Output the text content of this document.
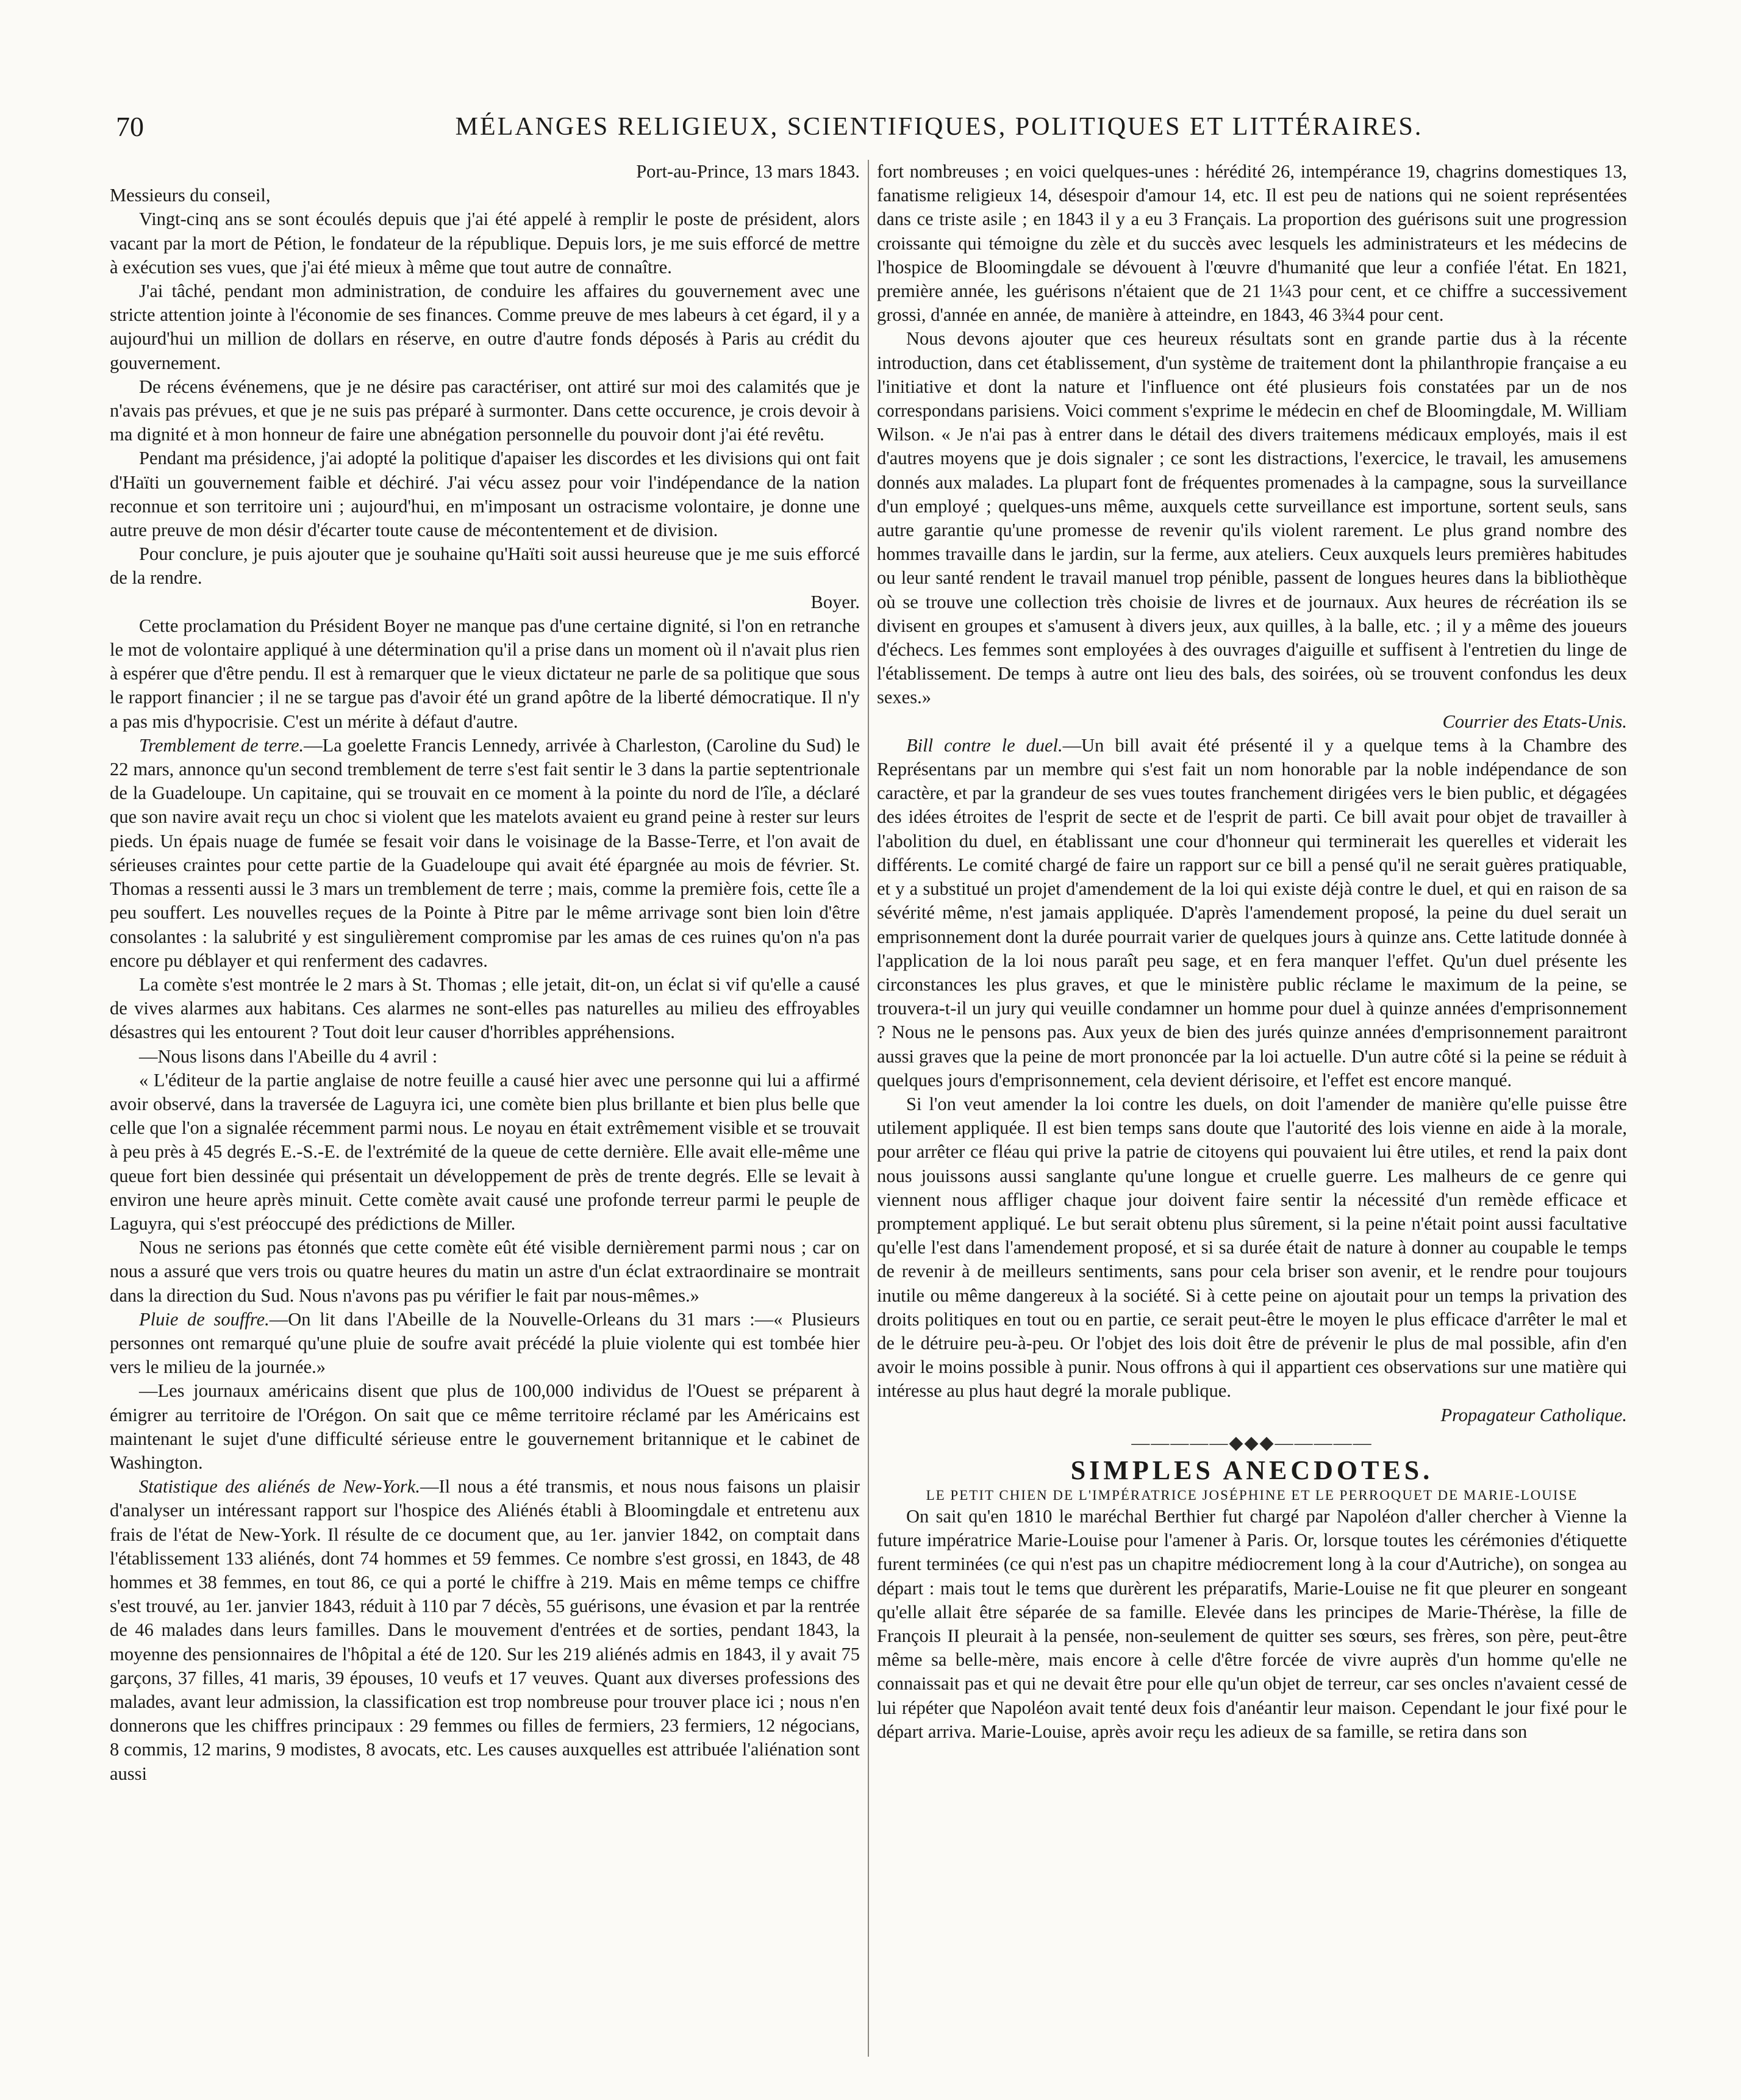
70	MÉLANGES RELIGIEUX, SCIENTIFIQUES, POLITIQUES ET LITTÉRAIRES.

Port-au-Prince, 13 mars 1843.

Messieurs du conseil,

Vingt-cinq ans se sont écoulés depuis que j'ai été appelé à remplir le poste de président, alors vacant par la mort de Pétion, le fondateur de la république. Depuis lors, je me suis efforcé de mettre à exécution ses vues, que j'ai été mieux à même que tout autre de connaître.

J'ai tâché, pendant mon administration, de conduire les affaires du gouvernement avec une stricte attention jointe à l'économie de ses finances. Comme preuve de mes labeurs à cet égard, il y a aujourd'hui un million de dollars en réserve, en outre d'autre fonds déposés à Paris au crédit du gouvernement.

De récens événemens, que je ne désire pas caractériser, ont attiré sur moi des calamités que je n'avais pas prévues, et que je ne suis pas préparé à surmonter. Dans cette occurence, je crois devoir à ma dignité et à mon honneur de faire une abnégation personnelle du pouvoir dont j'ai été revêtu.

Pendant ma présidence, j'ai adopté la politique d'apaiser les discordes et les divisions qui ont fait d'Haïti un gouvernement faible et déchiré. J'ai vécu assez pour voir l'indépendance de la nation reconnue et son territoire uni ; aujourd'hui, en m'imposant un ostracisme volontaire, je donne une autre preuve de mon désir d'écarter toute cause de mécontentement et de division.

Pour conclure, je puis ajouter que je souhaine qu'Haïti soit aussi heureuse que je me suis efforcé de la rendre.

Boyer.

Cette proclamation du Président Boyer ne manque pas d'une certaine dignité, si l'on en retranche le mot de volontaire appliqué à une détermination qu'il a prise dans un moment où il n'avait plus rien à espérer que d'être pendu. Il est à remarquer que le vieux dictateur ne parle de sa politique que sous le rapport financier ; il ne se targue pas d'avoir été un grand apôtre de la liberté démocratique. Il n'y a pas mis d'hypocrisie. C'est un mérite à défaut d'autre.

Tremblement de terre.—La goelette Francis Lennedy, arrivée à Charleston, (Caroline du Sud) le 22 mars, annonce qu'un second tremblement de terre s'est fait sentir le 3 dans la partie septentrionale de la Guadeloupe. Un capitaine, qui se trouvait en ce moment à la pointe du nord de l'île, a déclaré que son navire avait reçu un choc si violent que les matelots avaient eu grand peine à rester sur leurs pieds. Un épais nuage de fumée se fesait voir dans le voisinage de la Basse-Terre, et l'on avait de sérieuses craintes pour cette partie de la Guadeloupe qui avait été épargnée au mois de février. St. Thomas a ressenti aussi le 3 mars un tremblement de terre ; mais, comme la première fois, cette île a peu souffert. Les nouvelles reçues de la Pointe à Pitre par le même arrivage sont bien loin d'être consolantes : la salubrité y est singulièrement compromise par les amas de ces ruines qu'on n'a pas encore pu déblayer et qui renferment des cadavres.

La comète s'est montrée le 2 mars à St. Thomas ; elle jetait, dit-on, un éclat si vif qu'elle a causé de vives alarmes aux habitans. Ces alarmes ne sont-elles pas naturelles au milieu des effroyables désastres qui les entourent ? Tout doit leur causer d'horribles appréhensions.

—Nous lisons dans l'Abeille du 4 avril :

« L'éditeur de la partie anglaise de notre feuille a causé hier avec une personne qui lui a affirmé avoir observé, dans la traversée de Laguyra ici, une comète bien plus brillante et bien plus belle que celle que l'on a signalée récemment parmi nous. Le noyau en était extrêmement visible et se trouvait à peu près à 45 degrés E.-S.-E. de l'extrémité de la queue de cette dernière. Elle avait elle-même une queue fort bien dessinée qui présentait un développement de près de trente degrés. Elle se levait à environ une heure après minuit. Cette comète avait causé une profonde terreur parmi le peuple de Laguyra, qui s'est préoccupé des prédictions de Miller.

Nous ne serions pas étonnés que cette comète eût été visible dernièrement parmi nous ; car on nous a assuré que vers trois ou quatre heures du matin un astre d'un éclat extraordinaire se montrait dans la direction du Sud. Nous n'avons pas pu vérifier le fait par nous-mêmes.»

Pluie de souffre.—On lit dans l'Abeille de la Nouvelle-Orleans du 31 mars :—« Plusieurs personnes ont remarqué qu'une pluie de soufre avait précédé la pluie violente qui est tombée hier vers le milieu de la journée.»

—Les journaux américains disent que plus de 100,000 individus de l'Ouest se préparent à émigrer au territoire de l'Orégon. On sait que ce même territoire réclamé par les Américains est maintenant le sujet d'une difficulté sérieuse entre le gouvernement britannique et le cabinet de Washington.

Statistique des aliénés de New-York.—Il nous a été transmis, et nous nous faisons un plaisir d'analyser un intéressant rapport sur l'hospice des Aliénés établi à Bloomingdale et entretenu aux frais de l'état de New-York. Il résulte de ce document que, au 1er. janvier 1842, on comptait dans l'établissement 133 aliénés, dont 74 hommes et 59 femmes. Ce nombre s'est grossi, en 1843, de 48 hommes et 38 femmes, en tout 86, ce qui a porté le chiffre à 219. Mais en même temps ce chiffre s'est trouvé, au 1er. janvier 1843, réduit à 110 par 7 décès, 55 guérisons, une évasion et par la rentrée de 46 malades dans leurs familles. Dans le mouvement d'entrées et de sorties, pendant 1843, la moyenne des pensionnaires de l'hôpital a été de 120. Sur les 219 aliénés admis en 1843, il y avait 75 garçons, 37 filles, 41 maris, 39 épouses, 10 veufs et 17 veuves. Quant aux diverses professions des malades, avant leur admission, la classification est trop nombreuse pour trouver place ici ; nous n'en donnerons que les chiffres principaux : 29 femmes ou filles de fermiers, 23 fermiers, 12 négocians, 8 commis, 12 marins, 9 modistes, 8 avocats, etc. Les causes auxquelles est attribuée l'aliénation sont aussi

fort nombreuses ; en voici quelques-unes : hérédité 26, intempérance 19, chagrins domestiques 13, fanatisme religieux 14, désespoir d'amour 14, etc. Il est peu de nations qui ne soient représentées dans ce triste asile ; en 1843 il y a eu 3 Français. La proportion des guérisons suit une progression croissante qui témoigne du zèle et du succès avec lesquels les administrateurs et les médecins de l'hospice de Bloomingdale se dévouent à l'œuvre d'humanité que leur a confiée l'état. En 1821, première année, les guérisons n'étaient que de 21 1¼3 pour cent, et ce chiffre a successivement grossi, d'année en année, de manière à atteindre, en 1843, 46 3¾4 pour cent.

Nous devons ajouter que ces heureux résultats sont en grande partie dus à la récente introduction, dans cet établissement, d'un système de traitement dont la philanthropie française a eu l'initiative et dont la nature et l'influence ont été plusieurs fois constatées par un de nos correspondans parisiens. Voici comment s'exprime le médecin en chef de Bloomingdale, M. William Wilson. « Je n'ai pas à entrer dans le détail des divers traitemens médicaux employés, mais il est d'autres moyens que je dois signaler ; ce sont les distractions, l'exercice, le travail, les amusemens donnés aux malades. La plupart font de fréquentes promenades à la campagne, sous la surveillance d'un employé ; quelques-uns même, auxquels cette surveillance est importune, sortent seuls, sans autre garantie qu'une promesse de revenir qu'ils violent rarement. Le plus grand nombre des hommes travaille dans le jardin, sur la ferme, aux ateliers. Ceux auxquels leurs premières habitudes ou leur santé rendent le travail manuel trop pénible, passent de longues heures dans la bibliothèque où se trouve une collection très choisie de livres et de journaux. Aux heures de récréation ils se divisent en groupes et s'amusent à divers jeux, aux quilles, à la balle, etc. ; il y a même des joueurs d'échecs. Les femmes sont employées à des ouvrages d'aiguille et suffisent à l'entretien du linge de l'établissement. De temps à autre ont lieu des bals, des soirées, où se trouvent confondus les deux sexes.»

Courrier des Etats-Unis.

Bill contre le duel.—Un bill avait été présenté il y a quelque tems à la Chambre des Représentans par un membre qui s'est fait un nom honorable par la noble indépendance de son caractère, et par la grandeur de ses vues toutes franchement dirigées vers le bien public, et dégagées des idées étroites de l'esprit de secte et de l'esprit de parti. Ce bill avait pour objet de travailler à l'abolition du duel, en établissant une cour d'honneur qui terminerait les querelles et viderait les différents. Le comité chargé de faire un rapport sur ce bill a pensé qu'il ne serait guères pratiquable, et y a substitué un projet d'amendement de la loi qui existe déjà contre le duel, et qui en raison de sa sévérité même, n'est jamais appliquée. D'après l'amendement proposé, la peine du duel serait un emprisonnement dont la durée pourrait varier de quelques jours à quinze ans. Cette latitude donnée à l'application de la loi nous paraît peu sage, et en fera manquer l'effet. Qu'un duel présente les circonstances les plus graves, et que le ministère public réclame le maximum de la peine, se trouvera-t-il un jury qui veuille condamner un homme pour duel à quinze années d'emprisonnement ? Nous ne le pensons pas. Aux yeux de bien des jurés quinze années d'emprisonnement paraitront aussi graves que la peine de mort prononcée par la loi actuelle. D'un autre côté si la peine se réduit à quelques jours d'emprisonnement, cela devient dérisoire, et l'effet est encore manqué.

Si l'on veut amender la loi contre les duels, on doit l'amender de manière qu'elle puisse être utilement appliquée. Il est bien temps sans doute que l'autorité des lois vienne en aide à la morale, pour arrêter ce fléau qui prive la patrie de citoyens qui pouvaient lui être utiles, et rend la paix dont nous jouissons aussi sanglante qu'une longue et cruelle guerre. Les malheurs de ce genre qui viennent nous affliger chaque jour doivent faire sentir la nécessité d'un remède efficace et promptement appliqué. Le but serait obtenu plus sûrement, si la peine n'était point aussi facultative qu'elle l'est dans l'amendement proposé, et si sa durée était de nature à donner au coupable le temps de revenir à de meilleurs sentiments, sans pour cela briser son avenir, et le rendre pour toujours inutile ou même dangereux à la société. Si à cette peine on ajoutait pour un temps la privation des droits politiques en tout ou en partie, ce serait peut-être le moyen le plus efficace d'arrêter le mal et de le détruire peu-à-peu. Or l'objet des lois doit être de prévenir le plus de mal possible, afin d'en avoir le moins possible à punir. Nous offrons à qui il appartient ces observations sur une matière qui intéresse au plus haut degré la morale publique.

Propagateur Catholique.

—————◆◆◆—————
SIMPLES ANECDOTES.

LE PETIT CHIEN DE L'IMPÉRATRICE JOSÉPHINE ET LE PERROQUET DE MARIE-LOUISE

On sait qu'en 1810 le maréchal Berthier fut chargé par Napoléon d'aller chercher à Vienne la future impératrice Marie-Louise pour l'amener à Paris. Or, lorsque toutes les cérémonies d'étiquette furent terminées (ce qui n'est pas un chapitre médiocrement long à la cour d'Autriche), on songea au départ : mais tout le tems que durèrent les préparatifs, Marie-Louise ne fit que pleurer en songeant qu'elle allait être séparée de sa famille. Elevée dans les principes de Marie-Thérèse, la fille de François II pleurait à la pensée, non-seulement de quitter ses sœurs, ses frères, son père, peut-être même sa belle-mère, mais encore à celle d'être forcée de vivre auprès d'un homme qu'elle ne connaissait pas et qui ne devait être pour elle qu'un objet de terreur, car ses oncles n'avaient cessé de lui répéter que Napoléon avait tenté deux fois d'anéantir leur maison. Cependant le jour fixé pour le départ arriva. Marie-Louise, après avoir reçu les adieux de sa famille, se retira dans son
